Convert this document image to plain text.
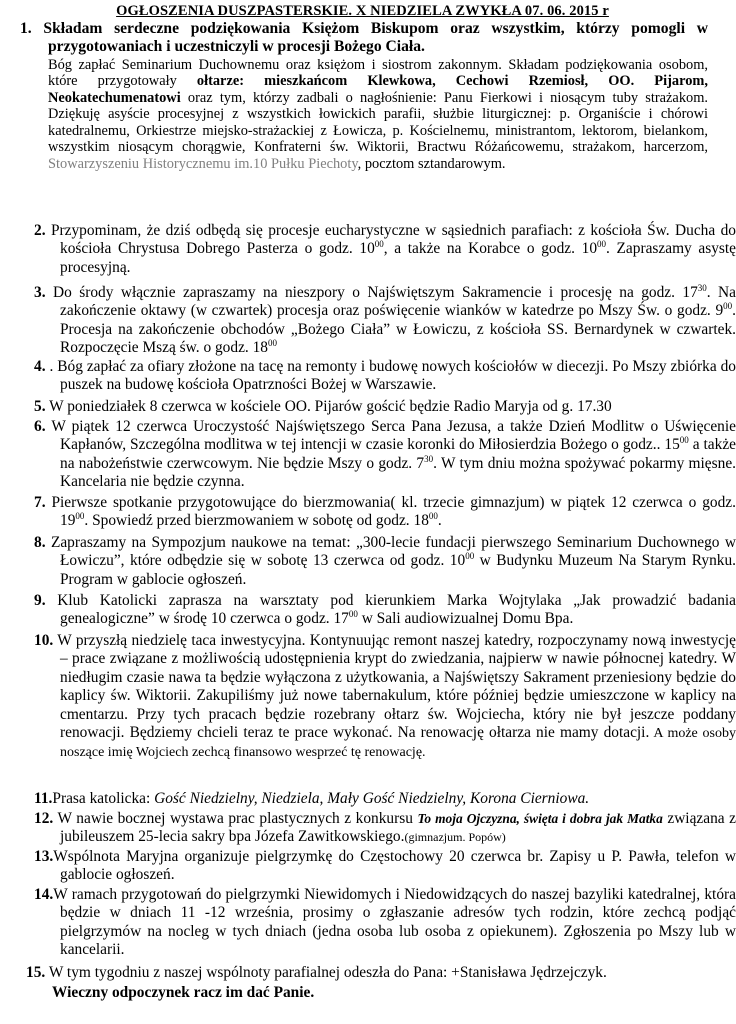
OGŁOSZENIA DUSZPASTERSKIE. X NIEDZIELA ZWYKŁA 07. 06. 2015 r
1. Składam serdeczne podziękowania Księżom Biskupom oraz wszystkim, którzy pomogli w przygotowaniach i uczestniczyli w procesji Bożego Ciała.
Bóg zapłać Seminarium Duchownemu oraz księżom i siostrom zakonnym. Składam podziękowania osobom, które przygotowały ołtarze: mieszkańcom Klewkowa, Cechowi Rzemiosł, OO. Pijarom, Neokatechumenatowi oraz tym, którzy zadbali o nagłośnienie: Panu Fierkowi i niosącym tuby strażakom. Dziękuję asyście procesyjnej z wszystkich łowickich parafii, służbie liturgicznej: p. Organiście i chórowi katedralnemu, Orkiestrze miejsko-strażackiej z Łowicza, p. Kościelnemu, ministrantom, lektorom, bielankom, wszystkim niosącym chorągwie, Konfraterni św. Wiktorii, Bractwu Różańcowemu, strażakom, harcerzom, Stowarzyszeniu Historycznemu im.10 Pułku Piechoty, pocztom sztandarowym.
2. Przypominam, że dziś odbędą się procesje eucharystyczne w sąsiednich parafiach: z kościoła Św. Ducha do kościoła Chrystusa Dobrego Pasterza o godz. $10^{00}$, a także na Korabce o godz. $10^{00}$. Zapraszamy asystę procesyjną.
3. Do środy włącznie zapraszamy na nieszpory o Najświętszym Sakramencie i procesję na godz. $17^{30}$. Na zakończenie oktawy (w czwartek) procesja oraz poświęcenie wianków w katedrze po Mszy Św. o godz. $9^{00}$. Procesja na zakończenie obchodów „Bożego Ciała” w Łowiczu, z kościoła SS. Bernardynek w czwartek. Rozpoczęcie Mszą św. o godz. $18^{00}$
4. . Bóg zapłać za ofiary złożone na tacę na remonty i budowę nowych kościołów w diecezji. Po Mszy zbiórka do puszek na budowę kościoła Opatrzności Bożej w Warszawie.
5. W poniedziałek 8 czerwca w kościele OO. Pijarów gościć będzie Radio Maryja od g. 17.30
6. W piątek 12 czerwca Uroczystość Najświętszego Serca Pana Jezusa, a także Dzień Modlitw o Uświęcenie Kapłanów, Szczególna modlitwa w tej intencji w czasie koronki do Miłosierdzia Bożego o godz.. $15^{00}$ a także na nabożeństwie czerwcowym. Nie będzie Mszy o godz. $7^{30}$. W tym dniu można spożywać pokarmy mięsne. Kancelaria nie będzie czynna.
7. Pierwsze spotkanie przygotowujące do bierzmowania( kl. trzecie gimnazjum) w piątek 12 czerwca o godz. $19^{00}$. Spowiedź przed bierzmowaniem w sobotę od godz. $18^{00}$.
8. Zapraszamy na Sympozjum naukowe na temat: „300-lecie fundacji pierwszego Seminarium Duchownego w Łowiczu”, które odbędzie się w sobotę 13 czerwca od godz. $10^{00}$ w Budynku Muzeum Na Starym Rynku. Program w gablocie ogłoszeń.
9. Klub Katolicki zaprasza na warsztaty pod kierunkiem Marka Wojtylaka „Jak prowadzić badania genealogiczne” w środę 10 czerwca o godz. $17^{00}$ w Sali audiowizualnej Domu Bpa.
10. W przyszłą niedzielę taca inwestycyjna. Kontynuując remont naszej katedry, rozpoczynamy nową inwestycję – prace związane z możliwością udostępnienia krypt do zwiedzania, najpierw w nawie północnej katedry. W niedługim czasie nawa ta będzie wyłączona z użytkowania, a Najświętszy Sakrament przeniesiony będzie do kaplicy św. Wiktorii. Zakupiliśmy już nowe tabernakulum, które później będzie umieszczone w kaplicy na cmentarzu. Przy tych pracach będzie rozebrany ołtarz św. Wojciecha, który nie był jeszcze poddany renowacji. Będziemy chcieli teraz te prace wykonać. Na renowację ołtarza nie mamy dotacji. A może osoby noszące imię Wojciech zechcą finansowo wesprzeć tę renowację.
11.Prasa katolicka: Gość Niedzielny, Niedziela, Mały Gość Niedzielny, Korona Cierniowa.
12. W nawie bocznej wystawa prac plastycznych z konkursu To moja Ojczyzna, święta i dobra jak Matka związana z jubileuszem 25-lecia sakry bpa Józefa Zawitkowskiego.(gimnazjum. Popów)
13.Wspólnota Maryjna organizuje pielgrzymkę do Częstochowy 20 czerwca br. Zapisy u P. Pawła, telefon w gablocie ogłoszeń.
14.W ramach przygotowań do pielgrzymki Niewidomych i Niedowidzących do naszej bazyliki katedralnej, która będzie w dniach 11 -12 września, prosimy o zgłaszanie adresów tych rodzin, które zechcą podjąć pielgrzymów na nocleg w tych dniach (jedna osoba lub osoba z opiekunem). Zgłoszenia po Mszy lub w kancelarii.
15. W tym tygodniu z naszej wspólnoty parafialnej odeszła do Pana: +Stanisława Jędrzejczyk.
Wieczny odpoczynek racz im dać Panie.
